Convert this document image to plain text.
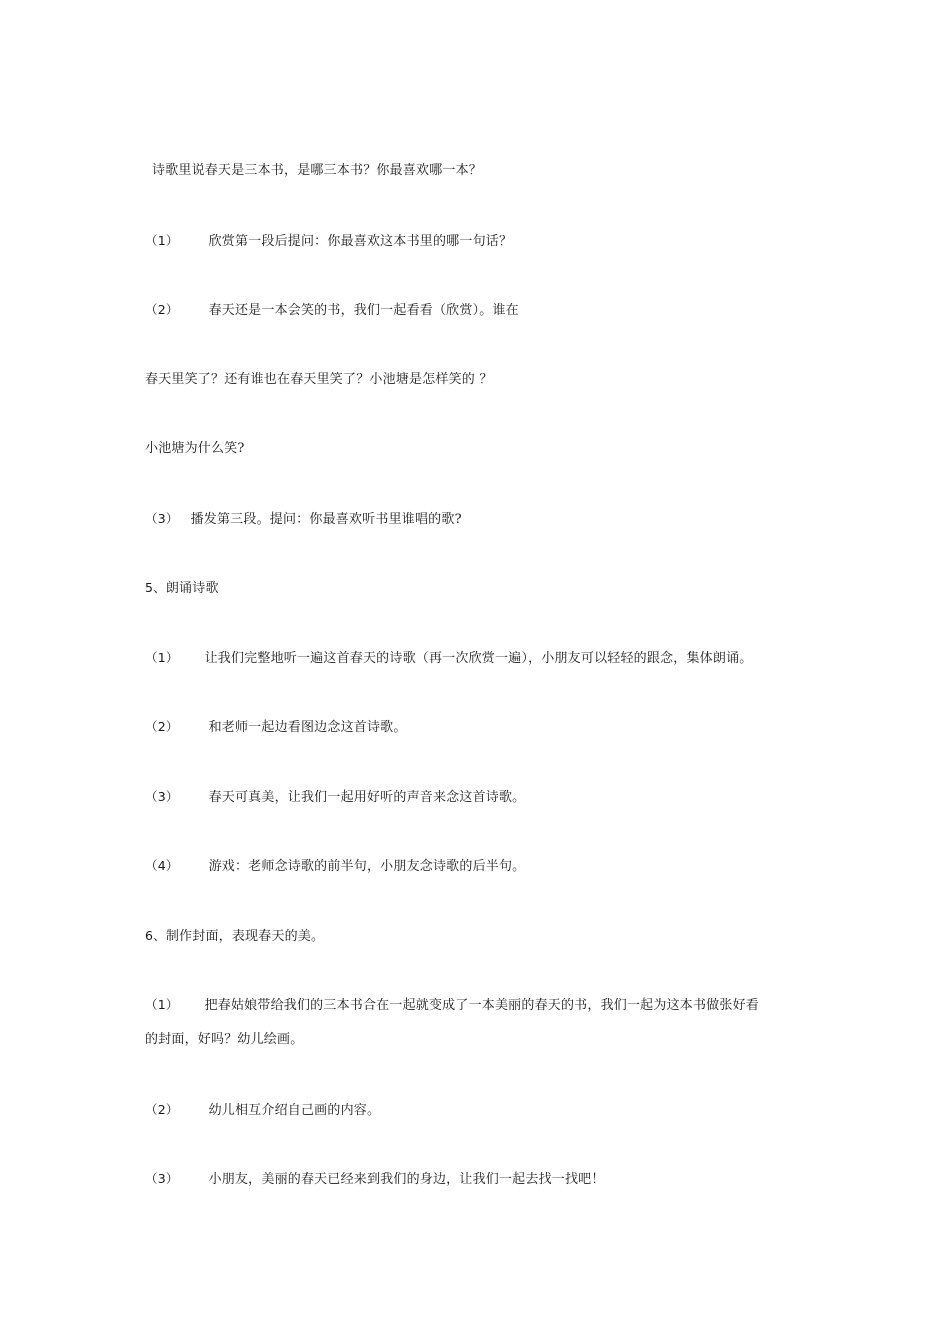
诗歌里说春天是三本书，是哪三本书？你最喜欢哪一本？
（1） 欣赏第一段后提问：你最喜欢这本书里的哪一句话？
（2） 春天还是一本会笑的书，我们一起看看（欣赏）。谁在
春天里笑了？还有谁也在春天里笑了？小池塘是怎样笑的 ？
小池塘为什么笑?
（3） 播发第三段。提问：你最喜欢听书里谁唱的歌?
5、朗诵诗歌
（1） 让我们完整地听一遍这首春天的诗歌（再一次欣赏一遍），小朋友可以轻轻的跟念，集体朗诵。
（2） 和老师一起边看图边念这首诗歌。
（3） 春天可真美，让我们一起用好听的声音来念这首诗歌。
（4） 游戏：老师念诗歌的前半句，小朋友念诗歌的后半句。
6、制作封面，表现春天的美。
（1） 把春姑娘带给我们的三本书合在一起就变成了一本美丽的春天的书，我们一起为这本书做张好看
的封面，好吗？幼儿绘画。
（2） 幼儿相互介绍自己画的内容。
（3） 小朋友，美丽的春天已经来到我们的身边，让我们一起去找一找吧！
